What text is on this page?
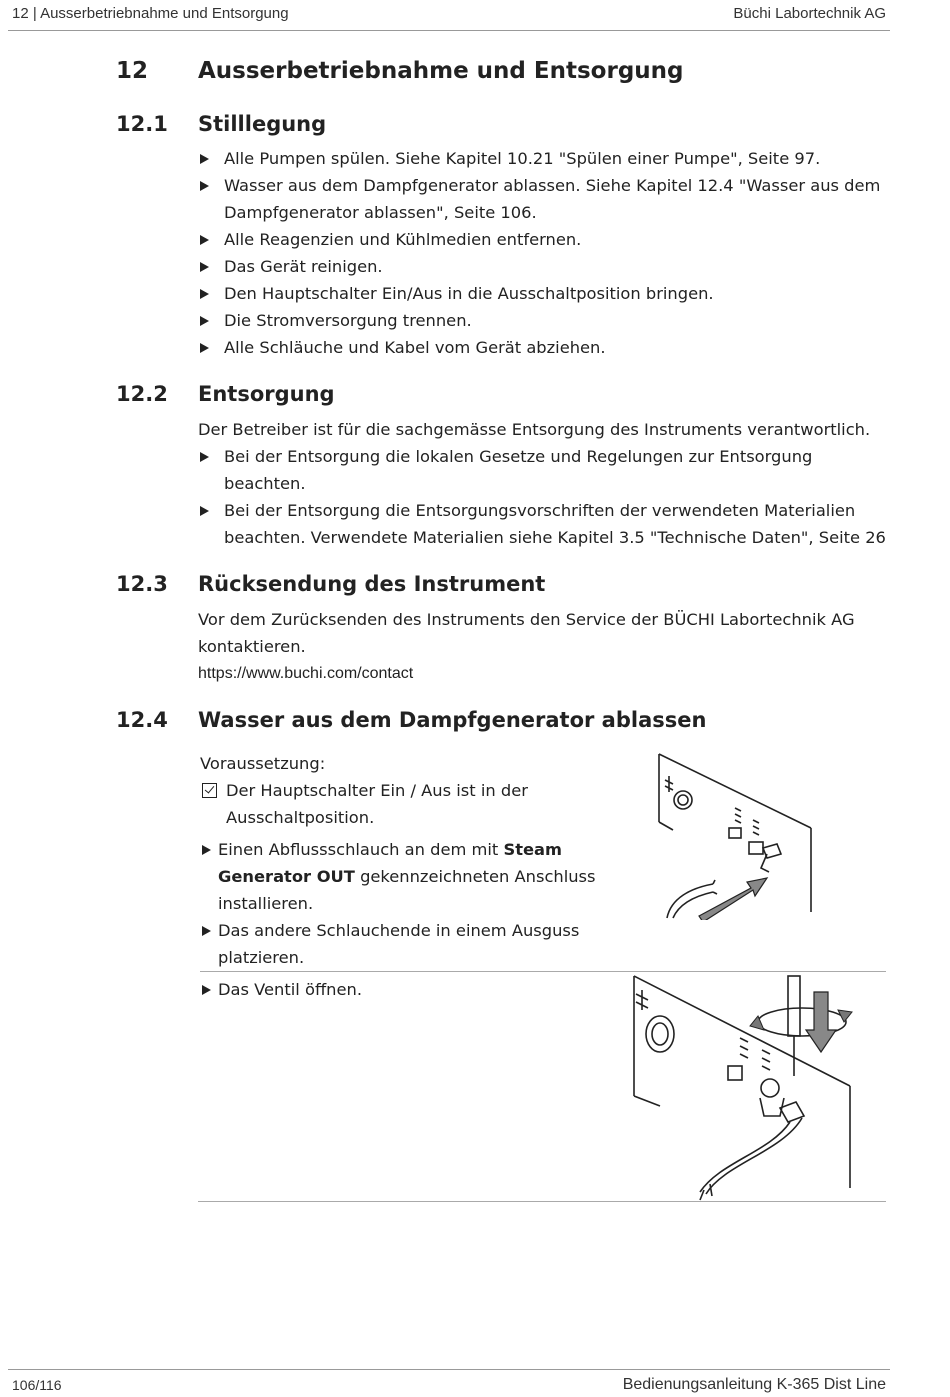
12 | Ausserbetriebnahme und Entsorgung	Büchi Labortechnik AG
12 Ausserbetriebnahme und Entsorgung
12.1 Stilllegung
Alle Pumpen spülen. Siehe Kapitel 10.21 "Spülen einer Pumpe", Seite 97.
Wasser aus dem Dampfgenerator ablassen. Siehe Kapitel 12.4 "Wasser aus dem Dampfgenerator ablassen", Seite 106.
Alle Reagenzien und Kühlmedien entfernen.
Das Gerät reinigen.
Den Hauptschalter Ein/Aus in die Ausschaltposition bringen.
Die Stromversorgung trennen.
Alle Schläuche und Kabel vom Gerät abziehen.
12.2 Entsorgung
Der Betreiber ist für die sachgemässe Entsorgung des Instruments verantwortlich.
Bei der Entsorgung die lokalen Gesetze und Regelungen zur Entsorgung beachten.
Bei der Entsorgung die Entsorgungsvorschriften der verwendeten Materialien beachten. Verwendete Materialien siehe Kapitel 3.5 "Technische Daten", Seite 26
12.3 Rücksendung des Instrument
Vor dem Zurücksenden des Instruments den Service der BÜCHI Labortechnik AG kontaktieren.
https://www.buchi.com/contact
12.4 Wasser aus dem Dampfgenerator ablassen
Voraussetzung:
Der Hauptschalter Ein / Aus ist in der Ausschaltposition.
Einen Abflussschlauch an dem mit Steam Generator OUT gekennzeichneten Anschluss installieren.
Das andere Schlauchende in einem Ausguss platzieren.
Das Ventil öffnen.
106/116	Bedienungsanleitung K-365 Dist Line
